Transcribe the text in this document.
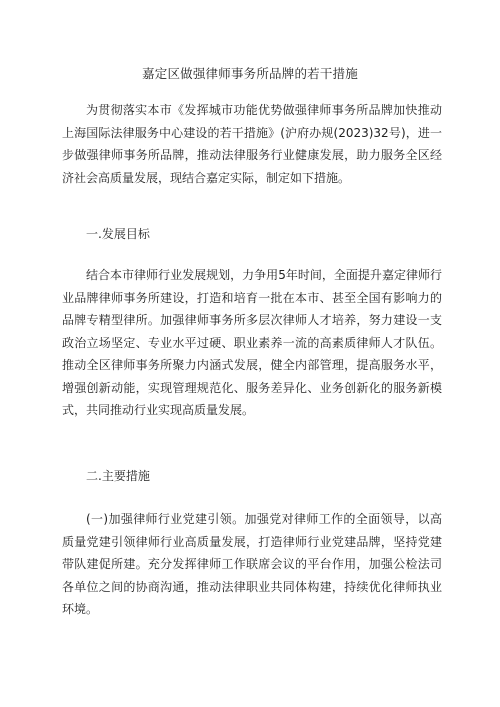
嘉定区做强律师事务所品牌的若干措施

为贯彻落实本市《发挥城市功能优势做强律师事务所品牌加快推动上海国际法律服务中心建设的若干措施》(沪府办规(2023)32号)，进一步做强律师事务所品牌，推动法律服务行业健康发展，助力服务全区经济社会高质量发展，现结合嘉定实际，制定如下措施。

一.发展目标

结合本市律师行业发展规划，力争用5年时间，全面提升嘉定律师行业品牌律师事务所建设，打造和培育一批在本市、甚至全国有影响力的品牌专精型律所。加强律师事务所多层次律师人才培养，努力建设一支政治立场坚定、专业水平过硬、职业素养一流的高素质律师人才队伍。推动全区律师事务所聚力内涵式发展，健全内部管理，提高服务水平，增强创新动能，实现管理规范化、服务差异化、业务创新化的服务新模式，共同推动行业实现高质量发展。

二.主要措施

(一)加强律师行业党建引领。加强党对律师工作的全面领导，以高质量党建引领律师行业高质量发展，打造律师行业党建品牌，坚持党建带队建促所建。充分发挥律师工作联席会议的平台作用，加强公检法司各单位之间的协商沟通，推动法律职业共同体构建，持续优化律师执业环境。
